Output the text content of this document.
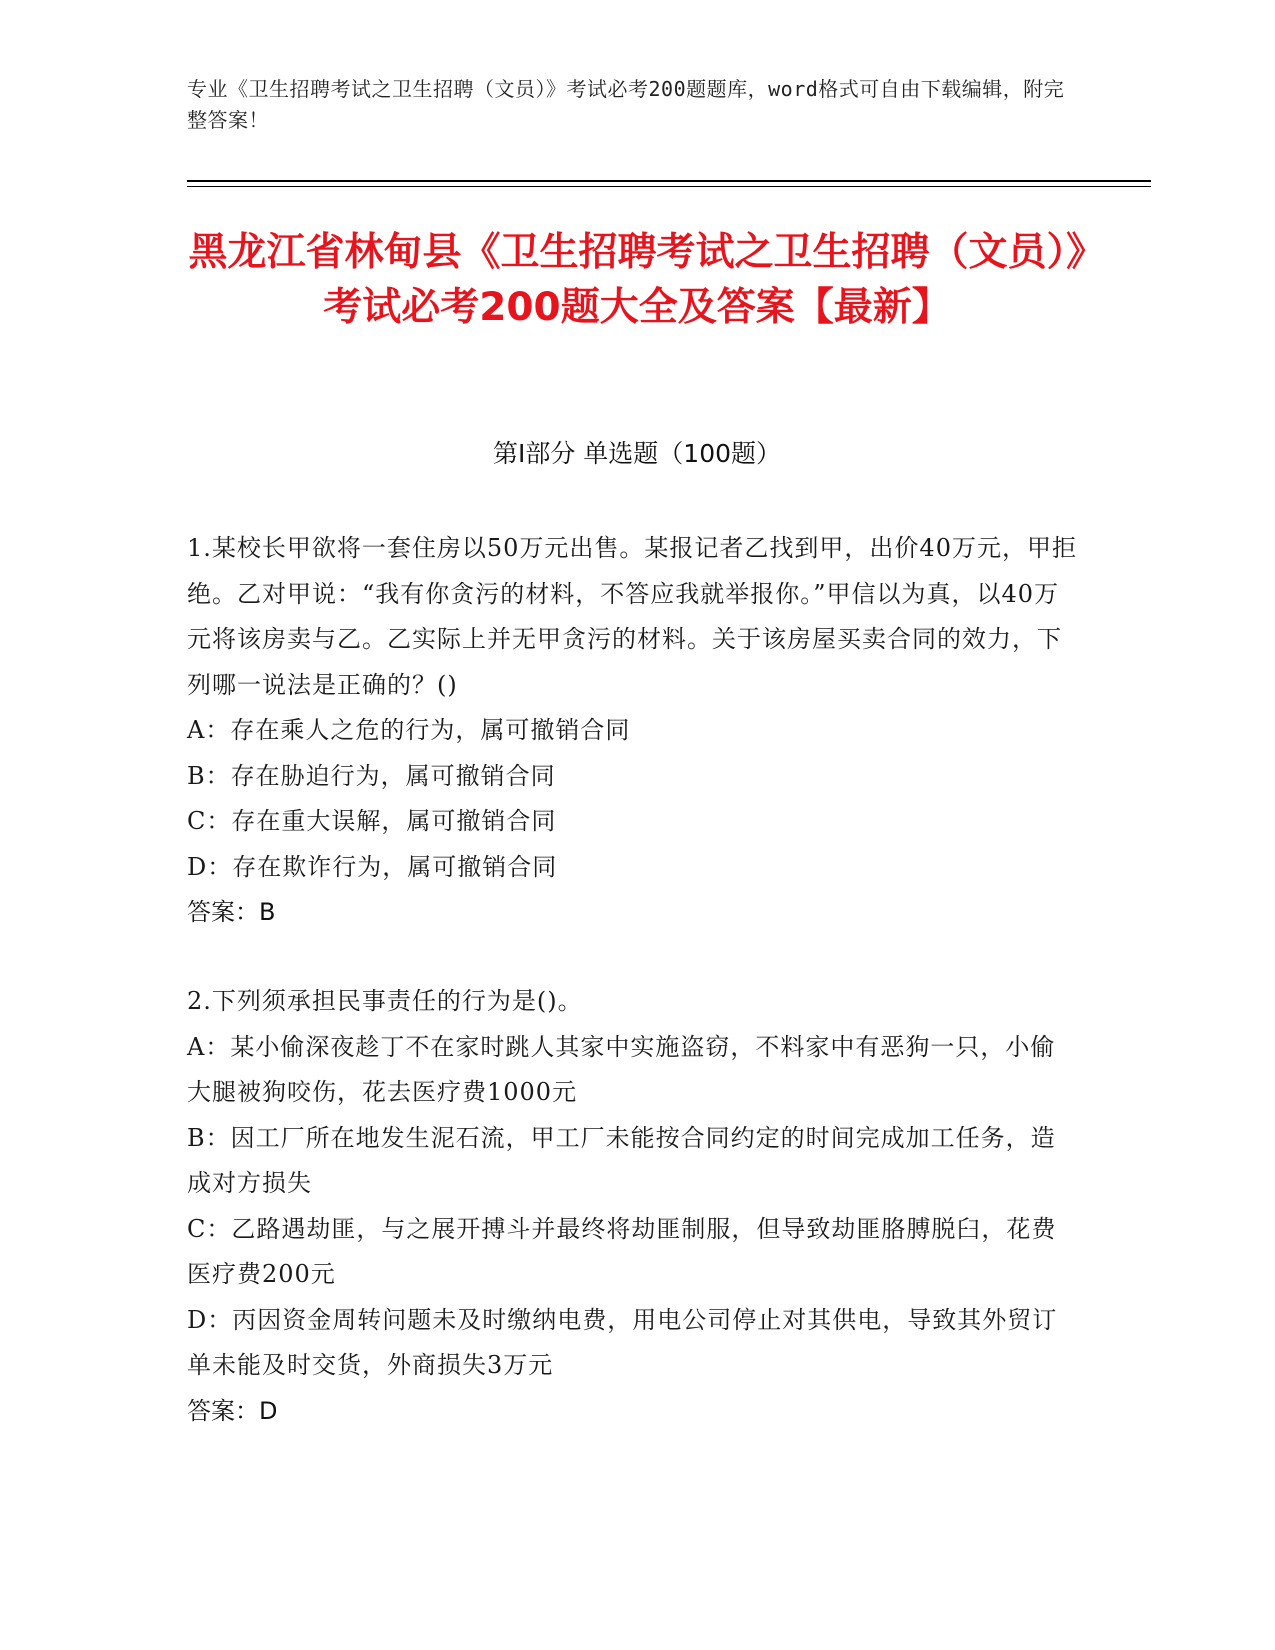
专业《卫生招聘考试之卫生招聘（文员）》考试必考200题题库，word格式可自由下载编辑，附完整答案！
黑龙江省林甸县《卫生招聘考试之卫生招聘（文员）》考试必考200题大全及答案【最新】
第I部分 单选题（100题）
1.某校长甲欲将一套住房以50万元出售。某报记者乙找到甲，出价40万元，甲拒绝。乙对甲说：“我有你贪污的材料，不答应我就举报你。”甲信以为真，以40万元将该房卖与乙。乙实际上并无甲贪污的材料。关于该房屋买卖合同的效力，下列哪一说法是正确的？()
A：存在乘人之危的行为，属可撤销合同
B：存在胁迫行为，属可撤销合同
C：存在重大误解，属可撤销合同
D：存在欺诈行为，属可撤销合同
答案：B
2.下列须承担民事责任的行为是()。
A：某小偷深夜趁丁不在家时跳人其家中实施盗窃，不料家中有恶狗一只，小偷大腿被狗咬伤，花去医疗费1000元
B：因工厂所在地发生泥石流，甲工厂未能按合同约定的时间完成加工任务，造成对方损失
C：乙路遇劫匪，与之展开搏斗并最终将劫匪制服，但导致劫匪胳膊脱臼，花费医疗费200元
D：丙因资金周转问题未及时缴纳电费，用电公司停止对其供电，导致其外贸订单未能及时交货，外商损失3万元
答案：D
